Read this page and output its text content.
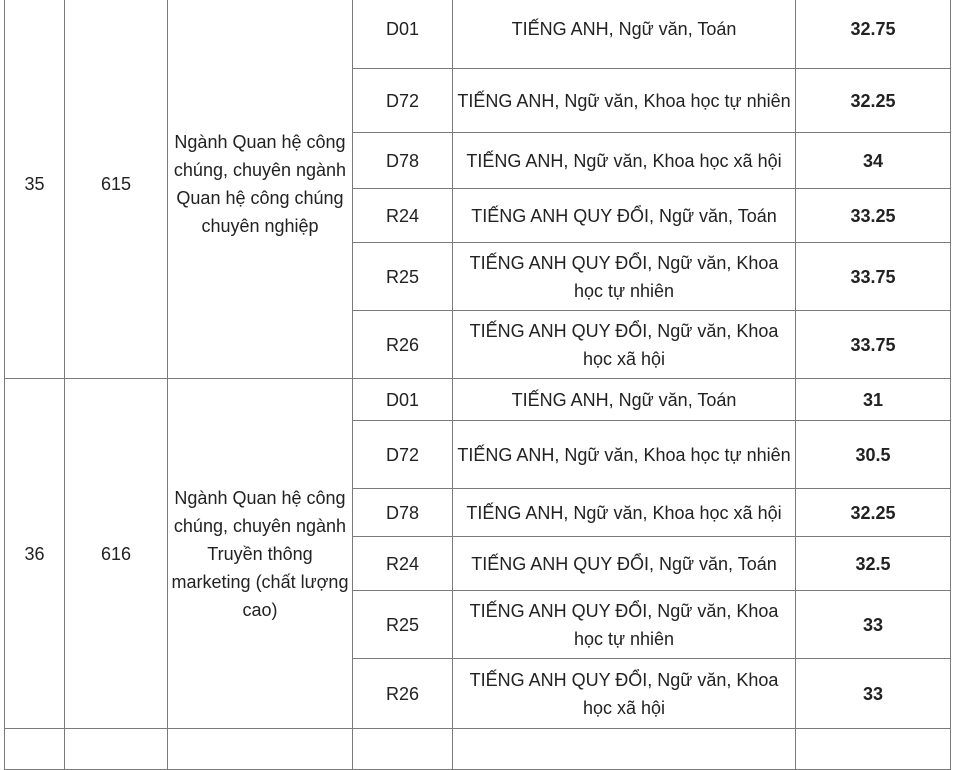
35	615	Ngành Quan hệ công chúng, chuyên ngành Quan hệ công chúng chuyên nghiệp	D01	TIẾNG ANH, Ngữ văn, Toán	32.75
			D72	TIẾNG ANH, Ngữ văn, Khoa học tự nhiên	32.25
			D78	TIẾNG ANH, Ngữ văn, Khoa học xã hội	34
			R24	TIẾNG ANH QUY ĐỔI, Ngữ văn, Toán	33.25
			R25	TIẾNG ANH QUY ĐỔI, Ngữ văn, Khoa học tự nhiên	33.75
			R26	TIẾNG ANH QUY ĐỔI, Ngữ văn, Khoa học xã hội	33.75
36	616	Ngành Quan hệ công chúng, chuyên ngành Truyền thông marketing (chất lượng cao)	D01	TIẾNG ANH, Ngữ văn, Toán	31
			D72	TIẾNG ANH, Ngữ văn, Khoa học tự nhiên	30.5
			D78	TIẾNG ANH, Ngữ văn, Khoa học xã hội	32.25
			R24	TIẾNG ANH QUY ĐỔI, Ngữ văn, Toán	32.5
			R25	TIẾNG ANH QUY ĐỔI, Ngữ văn, Khoa học tự nhiên	33
			R26	TIẾNG ANH QUY ĐỔI, Ngữ văn, Khoa học xã hội	33
